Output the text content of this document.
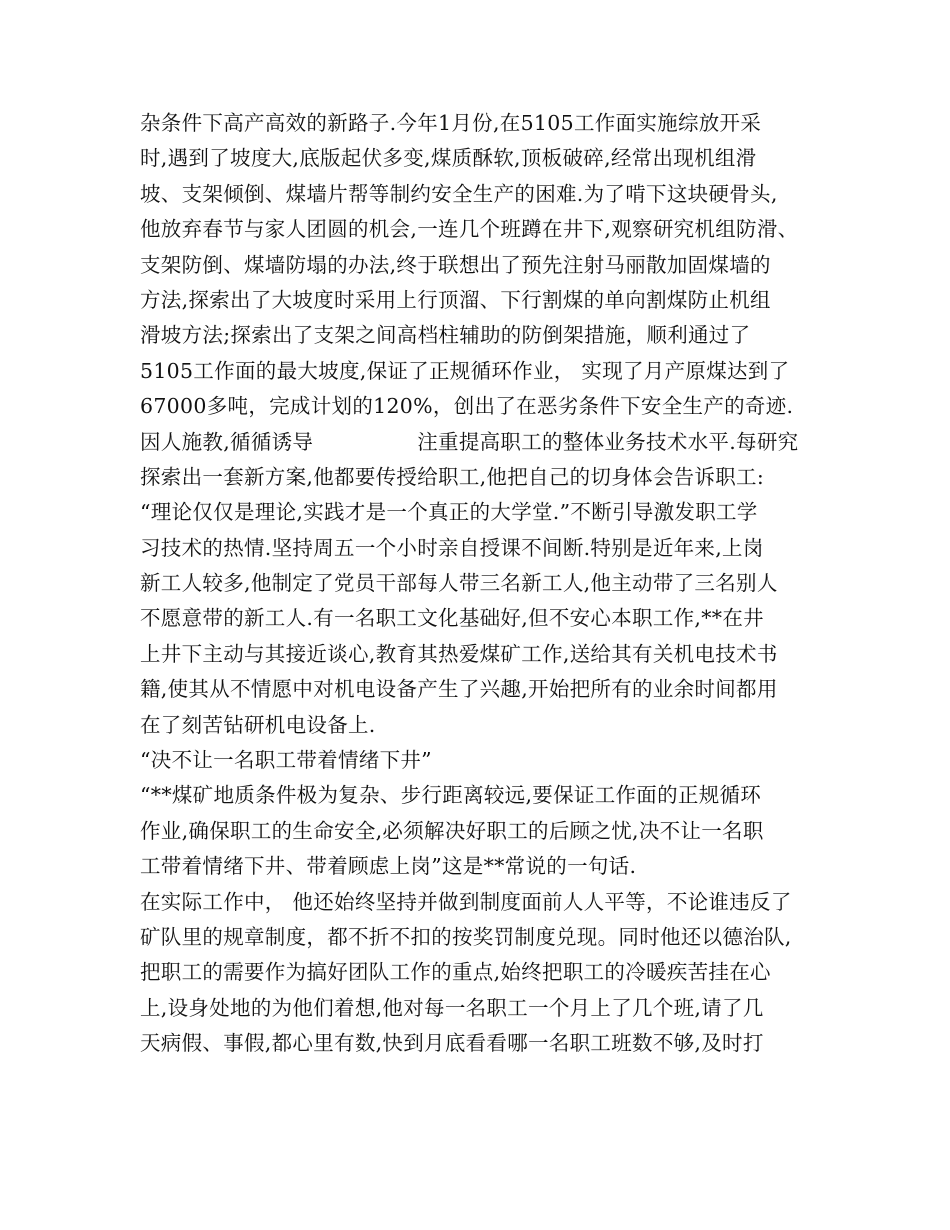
杂条件下高产高效的新路子.今年1月份,在5105工作面实施综放开采
时,遇到了坡度大,底版起伏多变,煤质酥软,顶板破碎,经常出现机组滑
坡、支架倾倒、煤墙片帮等制约安全生产的困难.为了啃下这块硬骨头,
他放弃春节与家人团圆的机会,一连几个班蹲在井下,观察研究机组防滑、
支架防倒、煤墙防塌的办法,终于联想出了预先注射马丽散加固煤墙的
方法,探索出了大坡度时采用上行顶溜、下行割煤的单向割煤防止机组
滑坡方法;探索出了支架之间高档柱辅助的防倒架措施，顺利通过了
5105工作面的最大坡度,保证了正规循环作业， 实现了月产原煤达到了
67000多吨，完成计划的120%，创出了在恶劣条件下安全生产的奇迹.
因人施教,循循诱导　　　　　注重提高职工的整体业务技术水平.每研究
探索出一套新方案,他都要传授给职工,他把自己的切身体会告诉职工:
“理论仅仅是理论,实践才是一个真正的大学堂.”不断引导激发职工学
习技术的热情.坚持周五一个小时亲自授课不间断.特别是近年来,上岗
新工人较多,他制定了党员干部每人带三名新工人,他主动带了三名别人
不愿意带的新工人.有一名职工文化基础好,但不安心本职工作,**在井
上井下主动与其接近谈心,教育其热爱煤矿工作,送给其有关机电技术书
籍,使其从不情愿中对机电设备产生了兴趣,开始把所有的业余时间都用
在了刻苦钻研机电设备上.
“决不让一名职工带着情绪下井”
“**煤矿地质条件极为复杂、步行距离较远,要保证工作面的正规循环
作业,确保职工的生命安全,必须解决好职工的后顾之忧,决不让一名职
工带着情绪下井、带着顾虑上岗”这是**常说的一句话.
在实际工作中， 他还始终坚持并做到制度面前人人平等，不论谁违反了
矿队里的规章制度，都不折不扣的按奖罚制度兑现。同时他还以德治队,
把职工的需要作为搞好团队工作的重点,始终把职工的冷暖疾苦挂在心
上,设身处地的为他们着想,他对每一名职工一个月上了几个班,请了几
天病假、事假,都心里有数,快到月底看看哪一名职工班数不够,及时打
